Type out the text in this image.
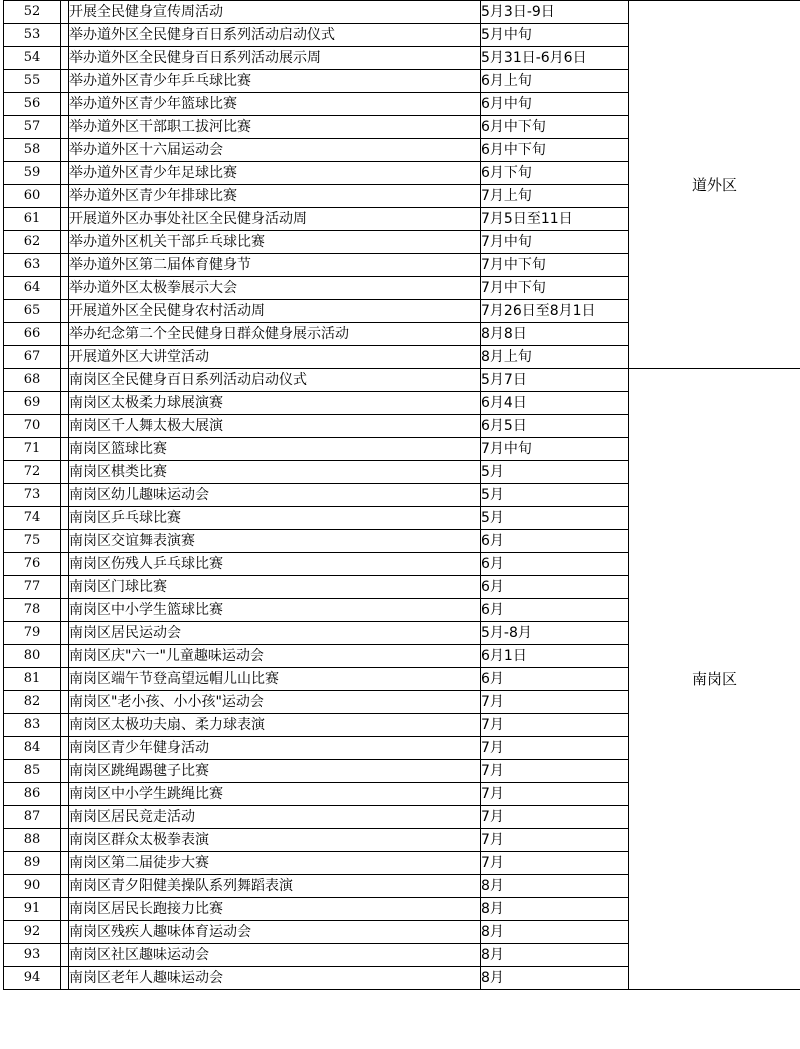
52		开展全民健身宣传周活动	5月3日-9日	道外区
53		举办道外区全民健身百日系列活动启动仪式	5月中旬	
54		举办道外区全民健身百日系列活动展示周	5月31日-6月6日	
55		举办道外区青少年乒乓球比赛	6月上旬	
56		举办道外区青少年篮球比赛	6月中旬	
57		举办道外区干部职工拔河比赛	6月中下旬	
58		举办道外区十六届运动会	6月中下旬	
59		举办道外区青少年足球比赛	6月下旬	
60		举办道外区青少年排球比赛	7月上旬	
61		开展道外区办事处社区全民健身活动周	7月5日至11日	
62		举办道外区机关干部乒乓球比赛	7月中旬	
63		举办道外区第二届体育健身节	7月中下旬	
64		举办道外区太极拳展示大会	7月中下旬	
65		开展道外区全民健身农村活动周	7月26日至8月1日	
66		举办纪念第二个全民健身日群众健身展示活动	8月8日	
67		开展道外区大讲堂活动	8月上旬	
68		南岗区全民健身百日系列活动启动仪式	5月7日	南岗区
69		南岗区太极柔力球展演赛	6月4日	
70		南岗区千人舞太极大展演	6月5日	
71		南岗区篮球比赛	7月中旬	
72		南岗区棋类比赛	5月	
73		南岗区幼儿趣味运动会	5月	
74		南岗区乒乓球比赛	5月	
75		南岗区交谊舞表演赛	6月	
76		南岗区伤残人乒乓球比赛	6月	
77		南岗区门球比赛	6月	
78		南岗区中小学生篮球比赛	6月	
79		南岗区居民运动会	5月-8月	
80		南岗区庆"六一"儿童趣味运动会	6月1日	
81		南岗区端午节登高望远帽儿山比赛	6月	
82		南岗区"老小孩、小小孩"运动会	7月	
83		南岗区太极功夫扇、柔力球表演	7月	
84		南岗区青少年健身活动	7月	
85		南岗区跳绳踢毽子比赛	7月	
86		南岗区中小学生跳绳比赛	7月	
87		南岗区居民竞走活动	7月	
88		南岗区群众太极拳表演	7月	
89		南岗区第二届徒步大赛	7月	
90		南岗区青夕阳健美操队系列舞蹈表演	8月	
91		南岗区居民长跑接力比赛	8月	
92		南岗区残疾人趣味体育运动会	8月	
93		南岗区社区趣味运动会	8月	
94		南岗区老年人趣味运动会	8月	
